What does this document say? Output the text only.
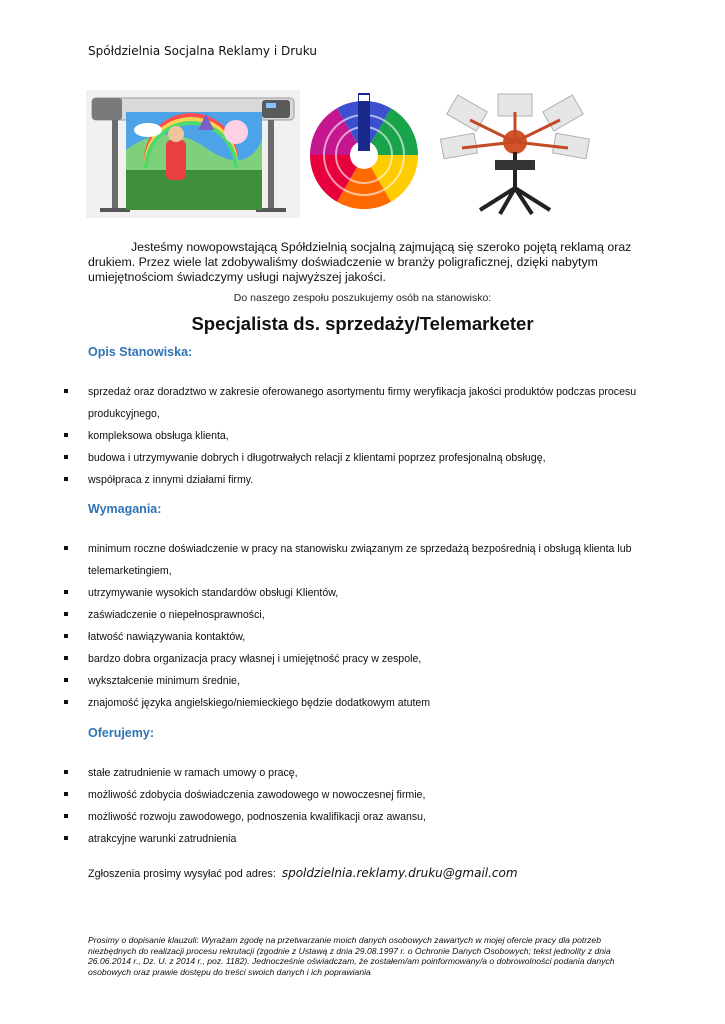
Spółdzielnia Socjalna Reklamy i Druku

Jesteśmy nowopowstającą Spółdzielnią socjalną zajmującą się szeroko pojętą reklamą oraz drukiem. Przez wiele lat zdobywaliśmy doświadczenie w branży poligraficznej, dzięki nabytym umiejętnościom świadczymy usługi najwyższej jakości.

Do naszego zespołu poszukujemy osób na stanowisko:
Specjalista ds. sprzedaży/Telemarketer
Opis Stanowiska:
sprzedaż oraz doradztwo w zakresie oferowanego asortymentu firmy weryfikacja jakości produktów podczas procesu produkcyjnego,
kompleksowa obsługa klienta,
budowa i utrzymywanie dobrych i długotrwałych relacji z klientami poprzez profesjonalną obsługę,
współpraca z innymi działami firmy.
Wymagania:
minimum roczne doświadczenie w pracy na stanowisku związanym ze sprzedażą bezpośrednią i obsługą klienta lub telemarketingiem,
utrzymywanie wysokich standardów obsługi Klientów,
zaświadczenie o niepełnosprawności,
łatwość nawiązywania kontaktów,
bardzo dobra organizacja pracy własnej i umiejętność pracy w zespole,
wykształcenie minimum średnie,
znajomość języka angielskiego/niemieckiego będzie dodatkowym atutem
Oferujemy:
stałe zatrudnienie w ramach umowy o pracę,
możliwość zdobycia doświadczenia zawodowego w nowoczesnej firmie,
możliwość rozwoju zawodowego, podnoszenia kwalifikacji oraz awansu,
atrakcyjne warunki zatrudnienia
Zgłoszenia prosimy wysyłać pod adres: spoldzielnia.reklamy.druku@gmail.com

Prosimy o dopisanie klauzuli: Wyrażam zgodę na przetwarzanie moich danych osobowych zawartych w mojej ofercie pracy dla potrzeb niezbędnych do realizacji procesu rekrutacji (zgodnie z Ustawą z dnia 29.08.1997 r. o Ochronie Danych Osobowych; tekst jednolity z dnia 26.06.2014 r., Dz. U. z 2014 r., poz. 1182). Jednocześnie oświadczam, że zostałem/am poinformowany/a o dobrowolności podania danych osobowych oraz prawie dostępu do treści swoich danych i ich poprawiania
